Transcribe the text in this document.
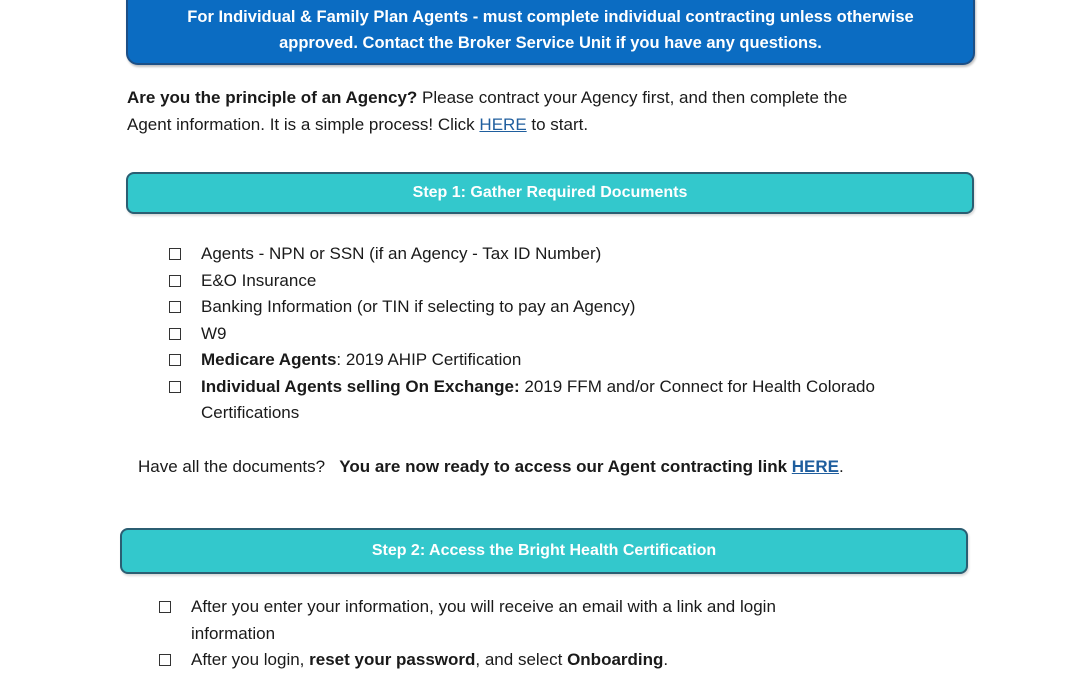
For Individual & Family Plan Agents - must complete individual contracting unless otherwise
approved. Contact the Broker Service Unit if you have any questions.
Are you the principle of an Agency? Please contract your Agency first, and then complete the
Agent information. It is a simple process! Click HERE to start.
Step 1: Gather Required Documents
Agents - NPN or SSN (if an Agency - Tax ID Number)
E&O Insurance
Banking Information (or TIN if selecting to pay an Agency)
W9
Medicare Agents: 2019 AHIP Certification
Individual Agents selling On Exchange: 2019 FFM and/or Connect for Health Colorado
Certifications
Have all the documents?   You are now ready to access our Agent contracting link HERE.
Step 2: Access the Bright Health Certification
After you enter your information, you will receive an email with a link and login
information
After you login, reset your password, and select Onboarding.
